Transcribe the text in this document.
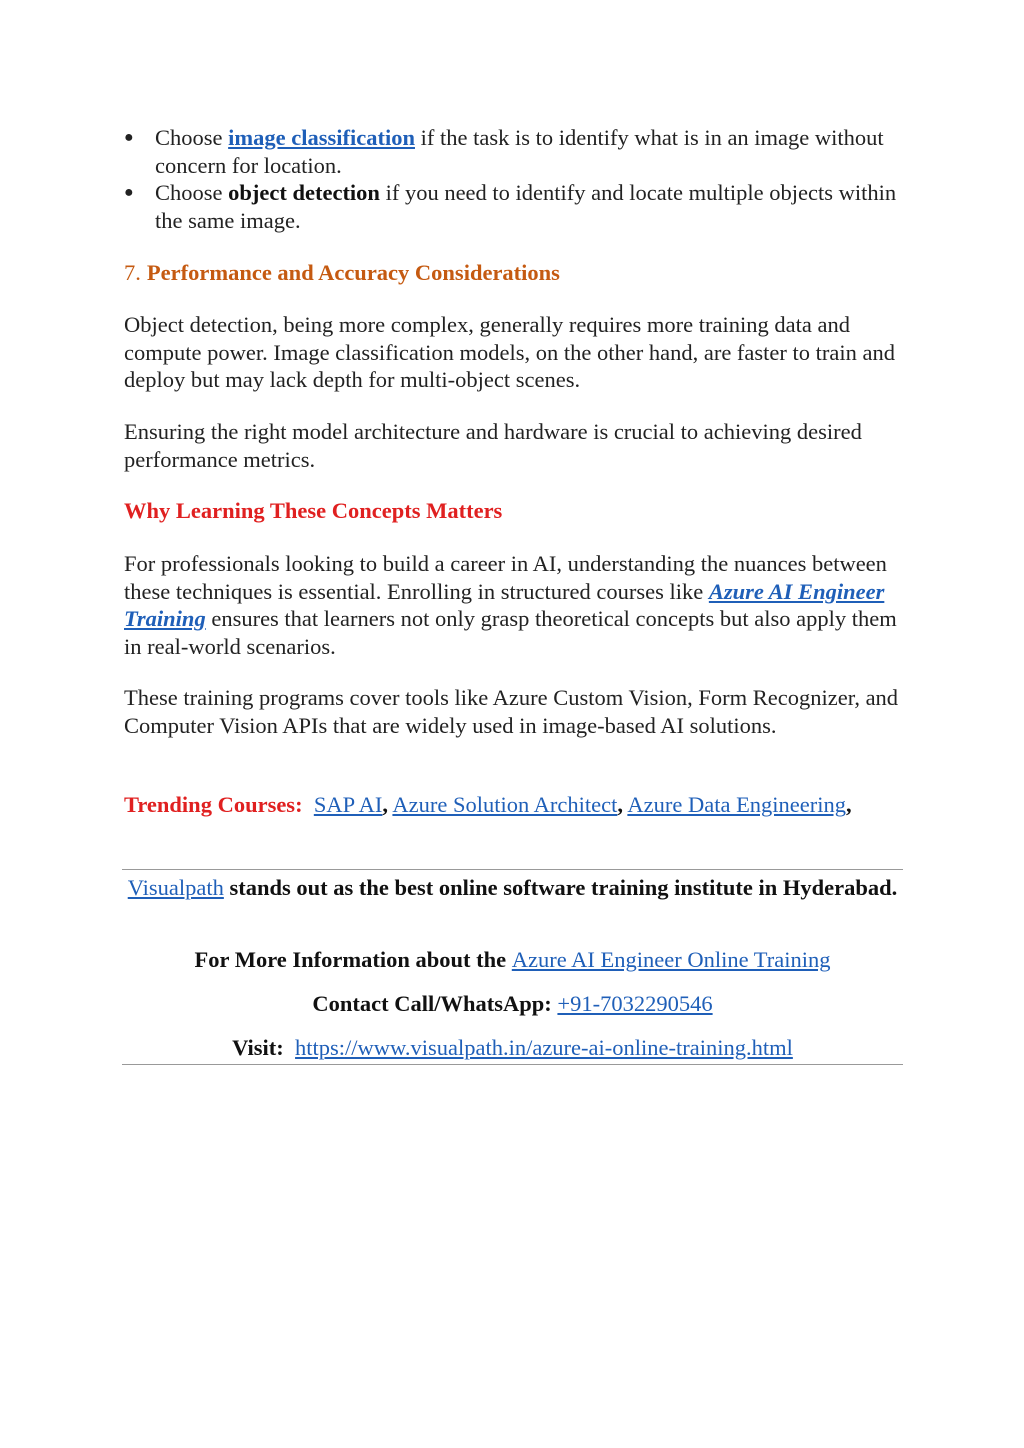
● Choose image classification if the task is to identify what is in an image without concern for location.
● Choose object detection if you need to identify and locate multiple objects within the same image.
7. Performance and Accuracy Considerations

Object detection, being more complex, generally requires more training data and compute power. Image classification models, on the other hand, are faster to train and deploy but may lack depth for multi-object scenes.

Ensuring the right model architecture and hardware is crucial to achieving desired performance metrics.

Why Learning These Concepts Matters

For professionals looking to build a career in AI, understanding the nuances between these techniques is essential. Enrolling in structured courses like Azure AI Engineer Training ensures that learners not only grasp theoretical concepts but also apply them in real-world scenarios.

These training programs cover tools like Azure Custom Vision, Form Recognizer, and Computer Vision APIs that are widely used in image-based AI solutions.

Trending Courses: SAP AI, Azure Solution Architect, Azure Data Engineering,

Visualpath stands out as the best online software training institute in Hyderabad.

For More Information about the Azure AI Engineer Online Training

Contact Call/WhatsApp: +91-7032290546

Visit: https://www.visualpath.in/azure-ai-online-training.html
